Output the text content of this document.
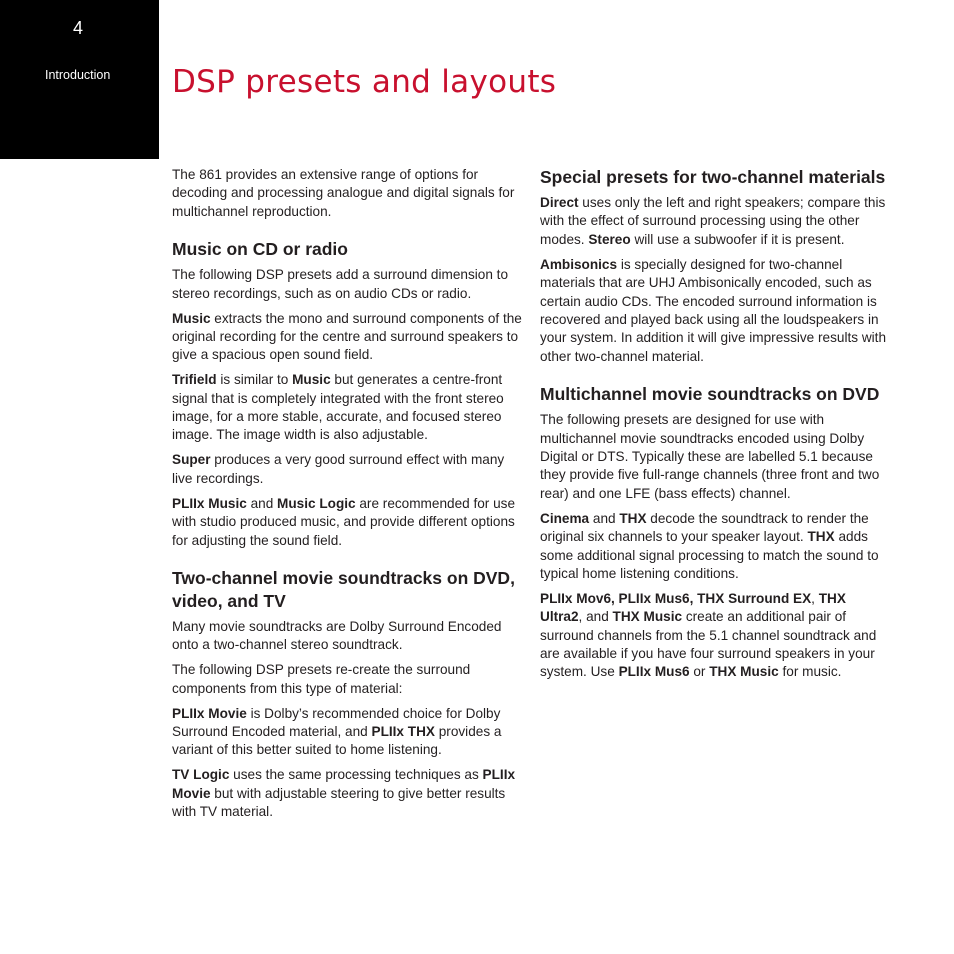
4
Introduction DSP presets and layouts

The 861 provides an extensive range of options for decoding and processing analogue and digital signals for multichannel reproduction.

Music on CD or radio

The following DSP presets add a surround dimension to stereo recordings, such as on audio CDs or radio.

Music extracts the mono and surround components of the original recording for the centre and surround speakers to give a spacious open sound field.

Trifield is similar to Music but generates a centre-front signal that is completely integrated with the front stereo image, for a more stable, accurate, and focused stereo image. The image width is also adjustable.

Super produces a very good surround effect with many live recordings.

PLIIx Music and Music Logic are recommended for use with studio produced music, and provide different options for adjusting the sound field.

Two-channel movie soundtracks on DVD, video, and TV

Many movie soundtracks are Dolby Surround Encoded onto a two-channel stereo soundtrack.

The following DSP presets re-create the surround components from this type of material:

PLIIx Movie is Dolby’s recommended choice for Dolby Surround Encoded material, and PLIIx THX provides a variant of this better suited to home listening.

TV Logic uses the same processing techniques as PLIIx Movie but with adjustable steering to give better results with TV material.

Special presets for two-channel materials

Direct uses only the left and right speakers; compare this with the effect of surround processing using the other modes. Stereo will use a subwoofer if it is present.

Ambisonics is specially designed for two-channel materials that are UHJ Ambisonically encoded, such as certain audio CDs. The encoded surround information is recovered and played back using all the loudspeakers in your system. In addition it will give impressive results with other two-channel material.

Multichannel movie soundtracks on DVD

The following presets are designed for use with multichannel movie soundtracks encoded using Dolby Digital or DTS. Typically these are labelled 5.1 because they provide five full-range channels (three front and two rear) and one LFE (bass effects) channel.

Cinema and THX decode the soundtrack to render the original six channels to your speaker layout. THX adds some additional signal processing to match the sound to typical home listening conditions.

PLIIx Mov6, PLIIx Mus6, THX Surround EX, THX Ultra2, and THX Music create an additional pair of surround channels from the 5.1 channel soundtrack and are available if you have four surround speakers in your system. Use PLIIx Mus6 or THX Music for music.
